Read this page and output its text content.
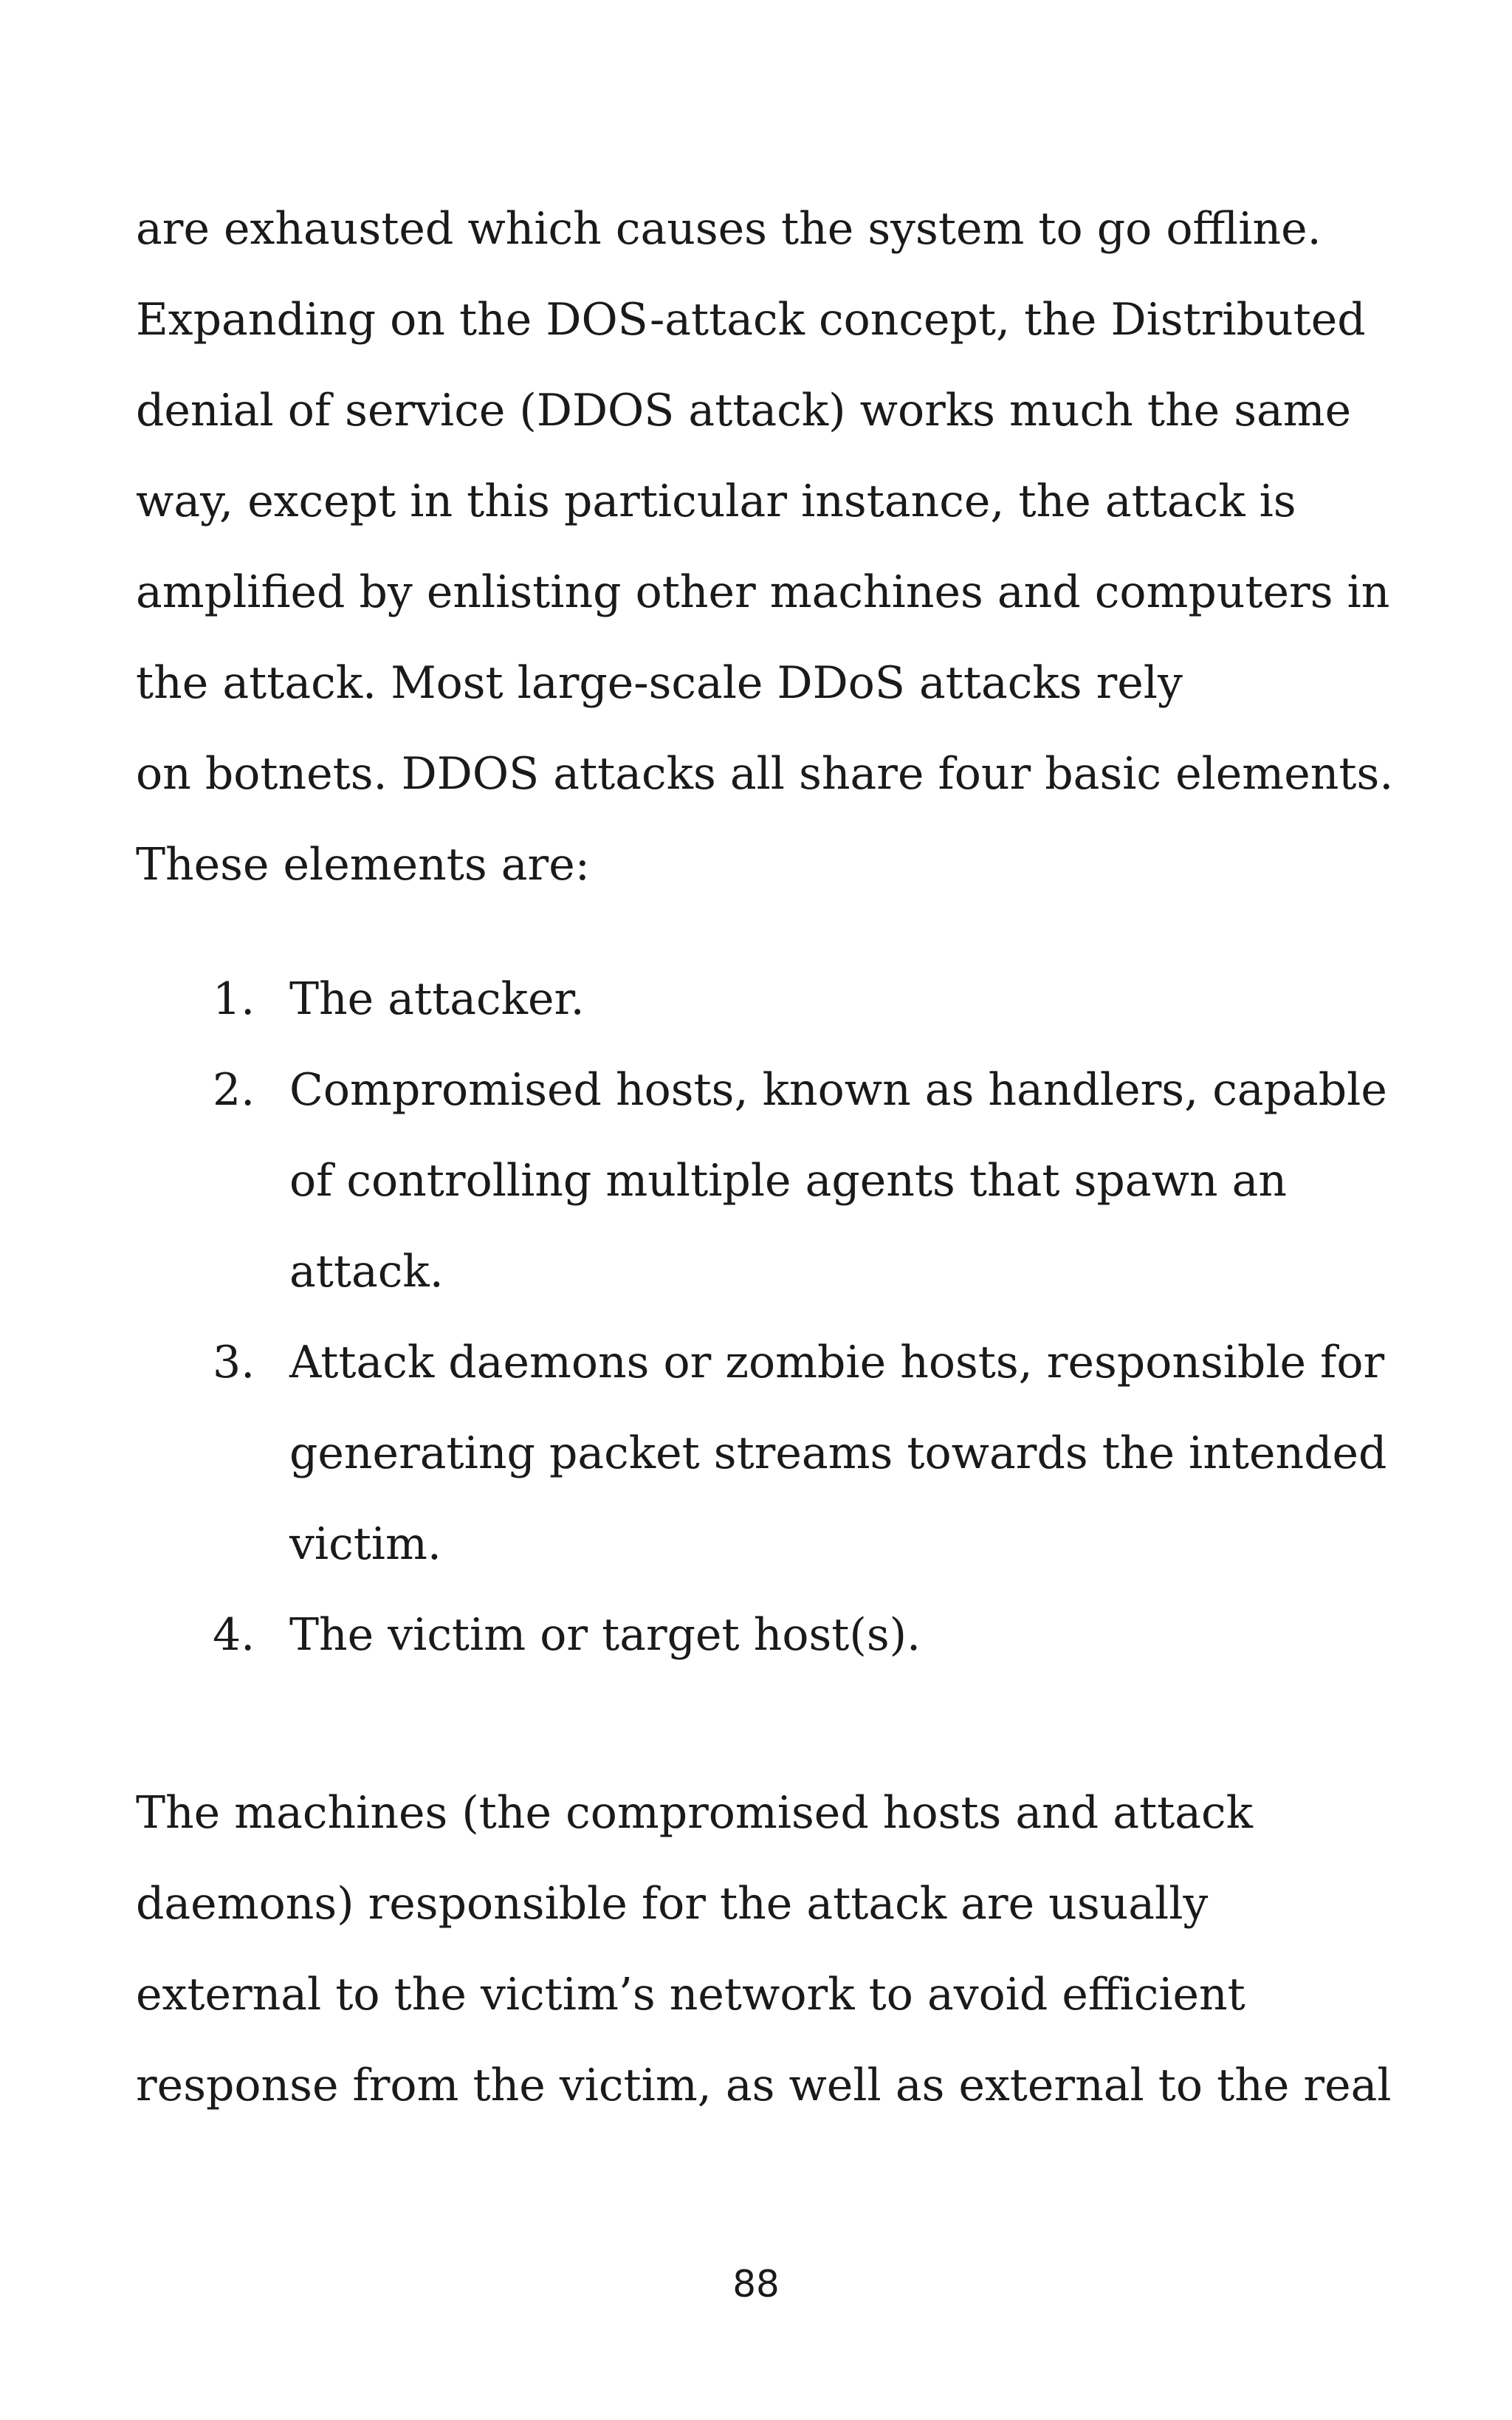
are exhausted which causes the system to go offline.
Expanding on the DOS-attack concept, the Distributed
denial of service (DDOS attack) works much the same
way, except in this particular instance, the attack is
amplified by enlisting other machines and computers in
the attack. Most large-scale DDoS attacks rely
on botnets. DDOS attacks all share four basic elements.
These elements are:
1. The attacker.
2. Compromised hosts, known as handlers, capable
of controlling multiple agents that spawn an
attack.
3. Attack daemons or zombie hosts, responsible for
generating packet streams towards the intended
victim.
4. The victim or target host(s).
The machines (the compromised hosts and attack
daemons) responsible for the attack are usually
external to the victim’s network to avoid efficient
response from the victim, as well as external to the real
88
